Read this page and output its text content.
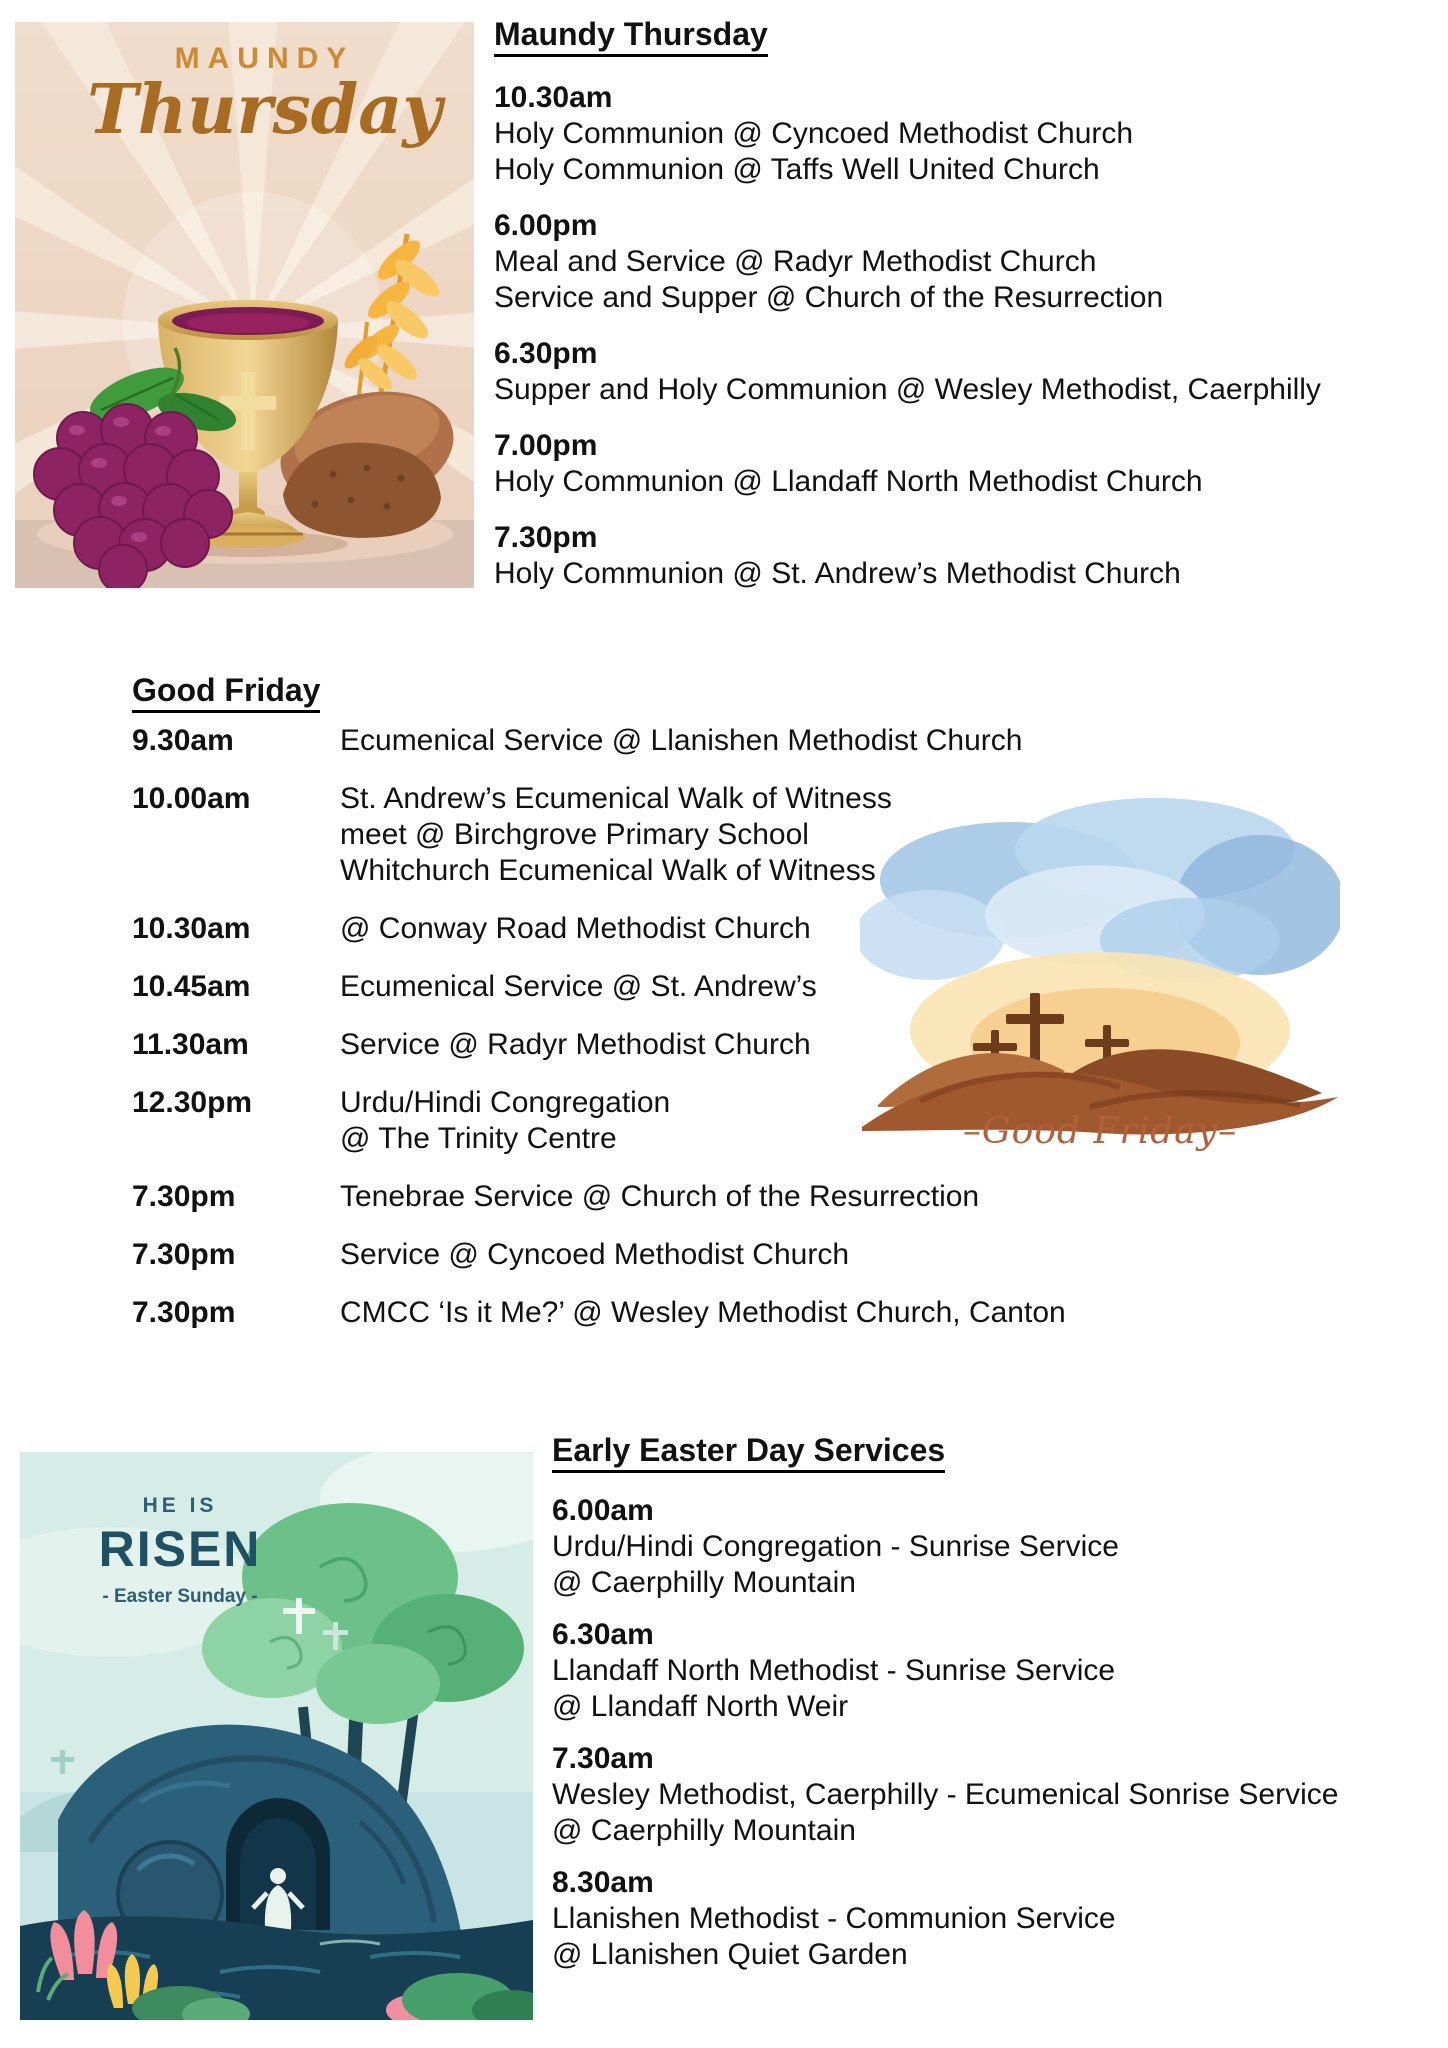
MAUNDY
Thursday
Maundy Thursday
10.30am
Holy Communion @ Cyncoed Methodist Church
Holy Communion @ Taffs Well United Church
6.00pm
Meal and Service @ Radyr Methodist Church
Service and Supper @ Church of the Resurrection
6.30pm
Supper and Holy Communion @ Wesley Methodist, Caerphilly
7.00pm
Holy Communion @ Llandaff North Methodist Church
7.30pm
Holy Communion @ St. Andrew’s Methodist Church
Good Friday
9.30am	Ecumenical Service @ Llanishen Methodist Church
10.00am	St. Andrew’s Ecumenical Walk of Witness
meet @ Birchgrove Primary School
Whitchurch Ecumenical Walk of Witness
10.30am	@ Conway Road Methodist Church
10.45am	Ecumenical Service @ St. Andrew’s
11.30am	Service @ Radyr Methodist Church
12.30pm	Urdu/Hindi Congregation
@ The Trinity Centre
7.30pm	Tenebrae Service @ Church of the Resurrection
7.30pm	Service @ Cyncoed Methodist Church
7.30pm	CMCC ‘Is it Me?’ @ Wesley Methodist Church, Canton
–Good Friday–
HE IS
RISEN
- Easter Sunday -
Early Easter Day Services
6.00am
Urdu/Hindi Congregation - Sunrise Service
@ Caerphilly Mountain
6.30am
Llandaff North Methodist - Sunrise Service
@ Llandaff North Weir
7.30am
Wesley Methodist, Caerphilly - Ecumenical Sonrise Service
@ Caerphilly Mountain
8.30am
Llanishen Methodist - Communion Service
@ Llanishen Quiet Garden
